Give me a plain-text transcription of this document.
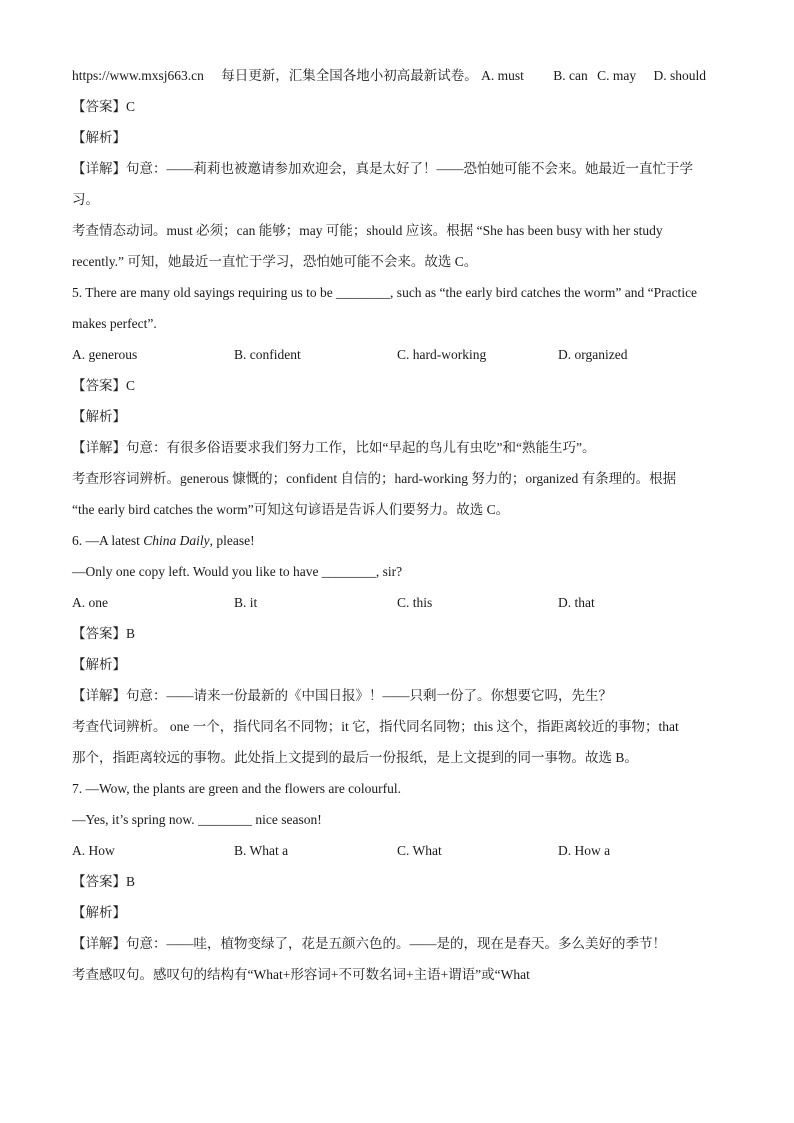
https://www.mxsj663.cn 每日更新，汇集全国各地小初高最新试卷。 A. must B. can C. may D. should
【答案】C
【解析】
【详解】句意：——莉莉也被邀请参加欢迎会，真是太好了！——恐怕她可能不会来。她最近一直忙于学
习。
考查情态动词。must 必须；can 能够；may 可能；should 应该。根据 “She has been busy with her study
recently.” 可知，她最近一直忙于学习，恐怕她可能不会来。故选 C。
5. There are many old sayings requiring us to be ________, such as “the early bird catches the worm” and “Practice
makes perfect”.
A. generous	B. confident	C. hard-working	D. organized
【答案】C
【解析】
【详解】句意：有很多俗语要求我们努力工作，比如“早起的鸟儿有虫吃”和“熟能生巧”。
考查形容词辨析。generous 慷慨的；confident 自信的；hard-working 努力的；organized 有条理的。根据
“the early bird catches the worm”可知这句谚语是告诉人们要努力。故选 C。
6. —A latest China Daily, please!
—Only one copy left. Would you like to have ________, sir?
A. one	B. it	C. this	D. that
【答案】B
【解析】
【详解】句意：——请来一份最新的《中国日报》！——只剩一份了。你想要它吗，先生？
考查代词辨析。 one 一个，指代同名不同物；it 它，指代同名同物；this 这个，指距离较近的事物；that
那个，指距离较远的事物。此处指上文提到的最后一份报纸，是上文提到的同一事物。故选 B。
7. —Wow, the plants are green and the flowers are colourful.
—Yes, it’s spring now. ________ nice season!
A. How	B. What a	C. What	D. How a
【答案】B
【解析】
【详解】句意：——哇，植物变绿了，花是五颜六色的。——是的，现在是春天。多么美好的季节！
考查感叹句。感叹句的结构有“What+形容词+不可数名词+主语+谓语”或“What
